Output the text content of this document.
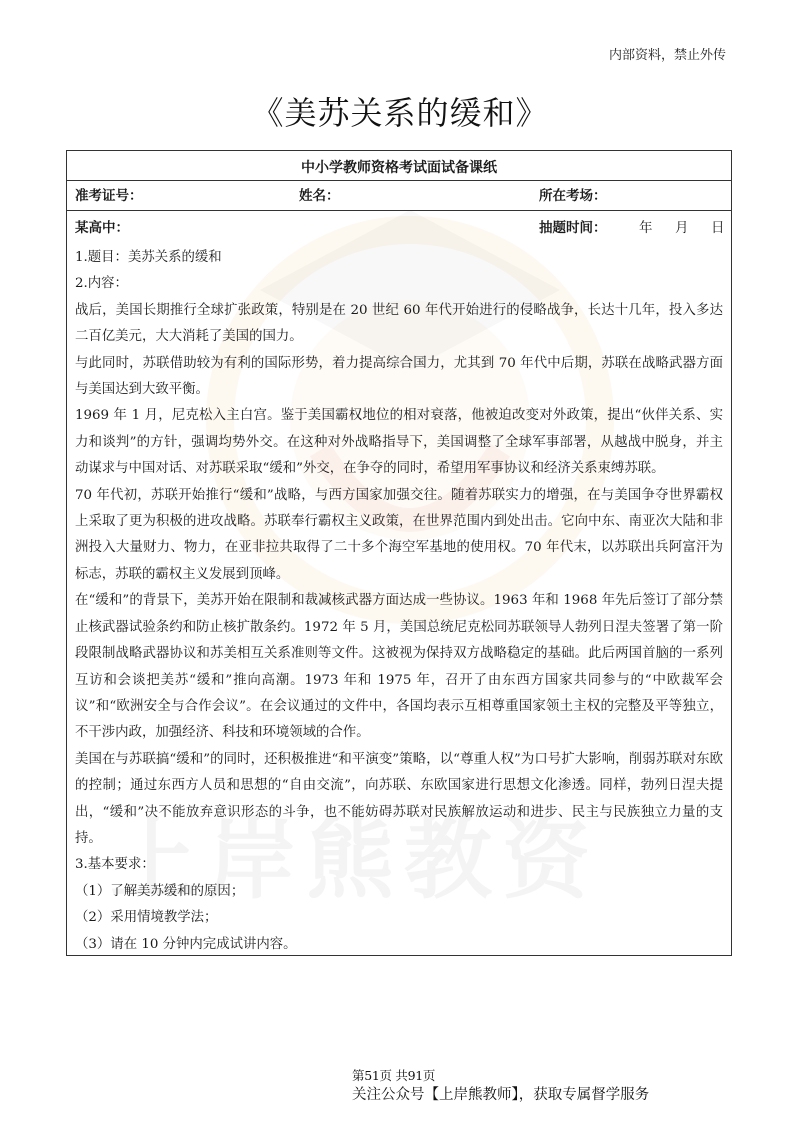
内部资料，禁止外传
《美苏关系的缓和》
中小学教师资格考试面试备课纸
准考证号：	姓名：	所在考场：
某高中：	抽题时间： 年 月 日

1.题目：美苏关系的缓和

2.内容：

战后，美国长期推行全球扩张政策，特别是在 20 世纪 60 年代开始进行的侵略战争，长达十几年，投入多达二百亿美元，大大消耗了美国的国力。

与此同时，苏联借助较为有利的国际形势，着力提高综合国力，尤其到 70 年代中后期，苏联在战略武器方面与美国达到大致平衡。

1969 年 1 月，尼克松入主白宫。鉴于美国霸权地位的相对衰落，他被迫改变对外政策，提出“伙伴关系、实力和谈判”的方针，强调均势外交。在这种对外战略指导下，美国调整了全球军事部署，从越战中脱身，并主动谋求与中国对话、对苏联采取“缓和”外交，在争夺的同时，希望用军事协议和经济关系束缚苏联。

70 年代初，苏联开始推行“缓和”战略，与西方国家加强交往。随着苏联实力的增强，在与美国争夺世界霸权上采取了更为积极的进攻战略。苏联奉行霸权主义政策，在世界范围内到处出击。它向中东、南亚次大陆和非洲投入大量财力、物力，在亚非拉共取得了二十多个海空军基地的使用权。70 年代末，以苏联出兵阿富汗为标志，苏联的霸权主义发展到顶峰。

在“缓和”的背景下，美苏开始在限制和裁减核武器方面达成一些协议。1963 年和 1968 年先后签订了部分禁止核武器试验条约和防止核扩散条约。1972 年 5 月，美国总统尼克松同苏联领导人勃列日涅夫签署了第一阶段限制战略武器协议和苏美相互关系准则等文件。这被视为保持双方战略稳定的基础。此后两国首脑的一系列互访和会谈把美苏“缓和”推向高潮。1973 年和 1975 年，召开了由东西方国家共同参与的“中欧裁军会议”和“欧洲安全与合作会议”。在会议通过的文件中，各国均表示互相尊重国家领土主权的完整及平等独立，不干涉内政，加强经济、科技和环境领域的合作。

美国在与苏联搞“缓和”的同时，还积极推进“和平演变”策略，以“尊重人权”为口号扩大影响，削弱苏联对东欧的控制；通过东西方人员和思想的“自由交流”，向苏联、东欧国家进行思想文化渗透。同样，勃列日涅夫提出，“缓和”决不能放弃意识形态的斗争，也不能妨碍苏联对民族解放运动和进步、民主与民族独立力量的支持。

3.基本要求：

（1）了解美苏缓和的原因；

（2）采用情境教学法；

（3）请在 10 分钟内完成试讲内容。

第51页 共91页
关注公众号【上岸熊教师】，获取专属督学服务
